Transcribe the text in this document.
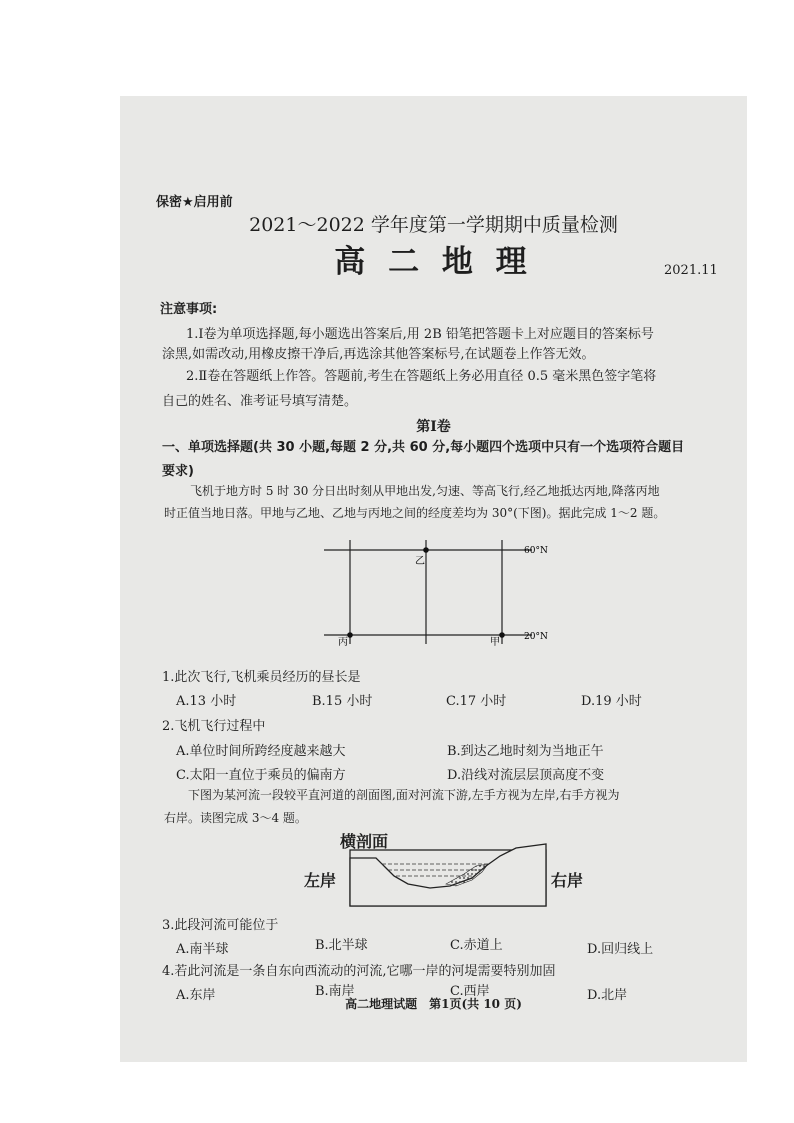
保密★启用前
2021～2022 学年度第一学期期中质量检测
高 二 地 理	2021.11
注意事项:
1.Ⅰ卷为单项选择题,每小题选出答案后,用 2B 铅笔把答题卡上对应题目的答案标号
涂黑,如需改动,用橡皮擦干净后,再选涂其他答案标号,在试题卷上作答无效。
2.Ⅱ卷在答题纸上作答。答题前,考生在答题纸上务必用直径 0.5 毫米黑色签字笔将
自己的姓名、准考证号填写清楚。
第Ⅰ卷
一、单项选择题(共 30 小题,每题 2 分,共 60 分,每小题四个选项中只有一个选项符合题目
要求)
飞机于地方时 5 时 30 分日出时刻从甲地出发,匀速、等高飞行,经乙地抵达丙地,降落丙地
时正值当地日落。甲地与乙地、乙地与丙地之间的经度差均为 30°(下图)。据此完成 1～2 题。
乙
丙	甲
60°N
20°N
1.此次飞行,飞机乘员经历的昼长是
A.13 小时	B.15 小时	C.17 小时	D.19 小时
2.飞机飞行过程中
A.单位时间所跨经度越来越大	B.到达乙地时刻为当地正午
C.太阳一直位于乘员的偏南方	D.沿线对流层层顶高度不变
下图为某河流一段较平直河道的剖面图,面对河流下游,左手方视为左岸,右手方视为
右岸。读图完成 3～4 题。
横剖面
左岸	右岸
3.此段河流可能位于
A.南半球	B.北半球	C.赤道上	D.回归线上
4.若此河流是一条自东向西流动的河流,它哪一岸的河堤需要特别加固
A.东岸	B.南岸	C.西岸	D.北岸
高二地理试题　第1页(共 10 页)
